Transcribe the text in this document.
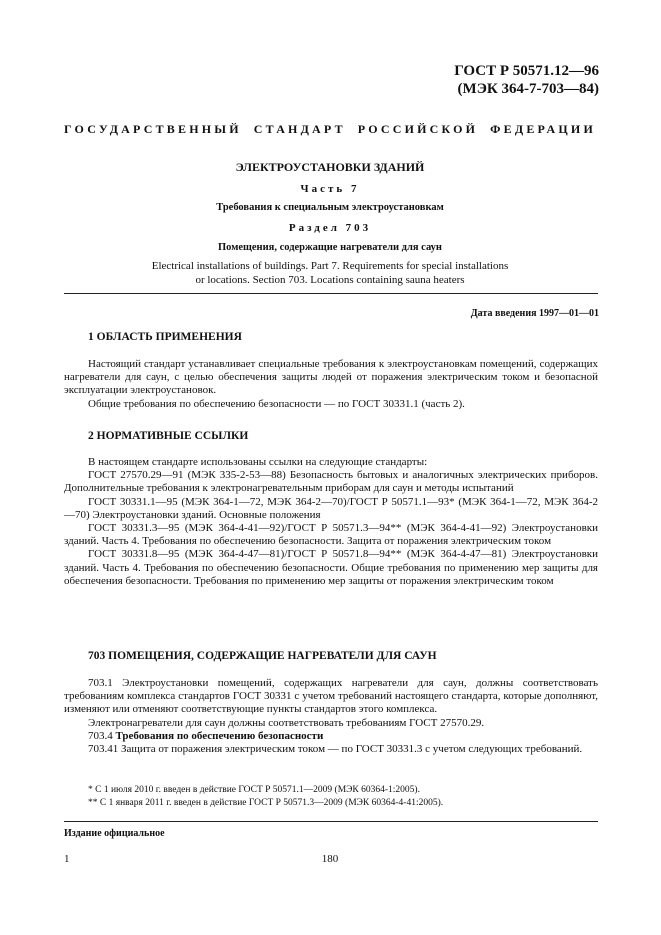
ГОСТ Р 50571.12—96
(МЭК 364-7-703—84)
ГОСУДАРСТВЕННЫЙ СТАНДАРТ РОССИЙСКОЙ ФЕДЕРАЦИИ
ЭЛЕКТРОУСТАНОВКИ ЗДАНИЙ
Часть 7
Требования к специальным электроустановкам
Раздел 703
Помещения, содержащие нагреватели для саун
Electrical installations of buildings. Part 7. Requirements for special installations
or locations. Section 703. Locations containing sauna heaters
Дата введения 1997—01—01
1 ОБЛАСТЬ ПРИМЕНЕНИЯ

Настоящий стандарт устанавливает специальные требования к электроустановкам помещений, содержащих нагреватели для саун, с целью обеспечения защиты людей от поражения электрическим током и безопасной эксплуатации электроустановок.

Общие требования по обеспечению безопасности — по ГОСТ 30331.1 (часть 2).

2 НОРМАТИВНЫЕ ССЫЛКИ

В настоящем стандарте использованы ссылки на следующие стандарты:

ГОСТ 27570.29—91 (МЭК 335-2-53—88) Безопасность бытовых и аналогичных электрических приборов. Дополнительные требования к электронагревательным приборам для саун и методы испытаний

ГОСТ 30331.1—95 (МЭК 364-1—72, МЭК 364-2—70)/ГОСТ Р 50571.1—93* (МЭК 364-1—72, МЭК 364-2—70) Электроустановки зданий. Основные положения

ГОСТ 30331.3—95 (МЭК 364-4-41—92)/ГОСТ Р 50571.3—94** (МЭК 364-4-41—92) Электроустановки зданий. Часть 4. Требования по обеспечению безопасности. Защита от поражения электрическим током

ГОСТ 30331.8—95 (МЭК 364-4-47—81)/ГОСТ Р 50571.8—94** (МЭК 364-4-47—81) Электроустановки зданий. Часть 4. Требования по обеспечению безопасности. Общие требования по применению мер защиты для обеспечения безопасности. Требования по применению мер защиты от поражения электрическим током

703 ПОМЕЩЕНИЯ, СОДЕРЖАЩИЕ НАГРЕВАТЕЛИ ДЛЯ САУН

703.1 Электроустановки помещений, содержащих нагреватели для саун, должны соответствовать требованиям комплекса стандартов ГОСТ 30331 с учетом требований настоящего стандарта, которые дополняют, изменяют или отменяют соответствующие пункты стандартов этого комплекса.

Электронагреватели для саун должны соответствовать требованиям ГОСТ 27570.29.

703.4 Требования по обеспечению безопасности

703.41 Защита от поражения электрическим током — по ГОСТ 30331.3 с учетом следующих требований.

* С 1 июля 2010 г. введен в действие ГОСТ Р 50571.1—2009 (МЭК 60364-1:2005).
** С 1 января 2011 г. введен в действие ГОСТ Р 50571.3—2009 (МЭК 60364-4-41:2005).
Издание официальное
1	180
